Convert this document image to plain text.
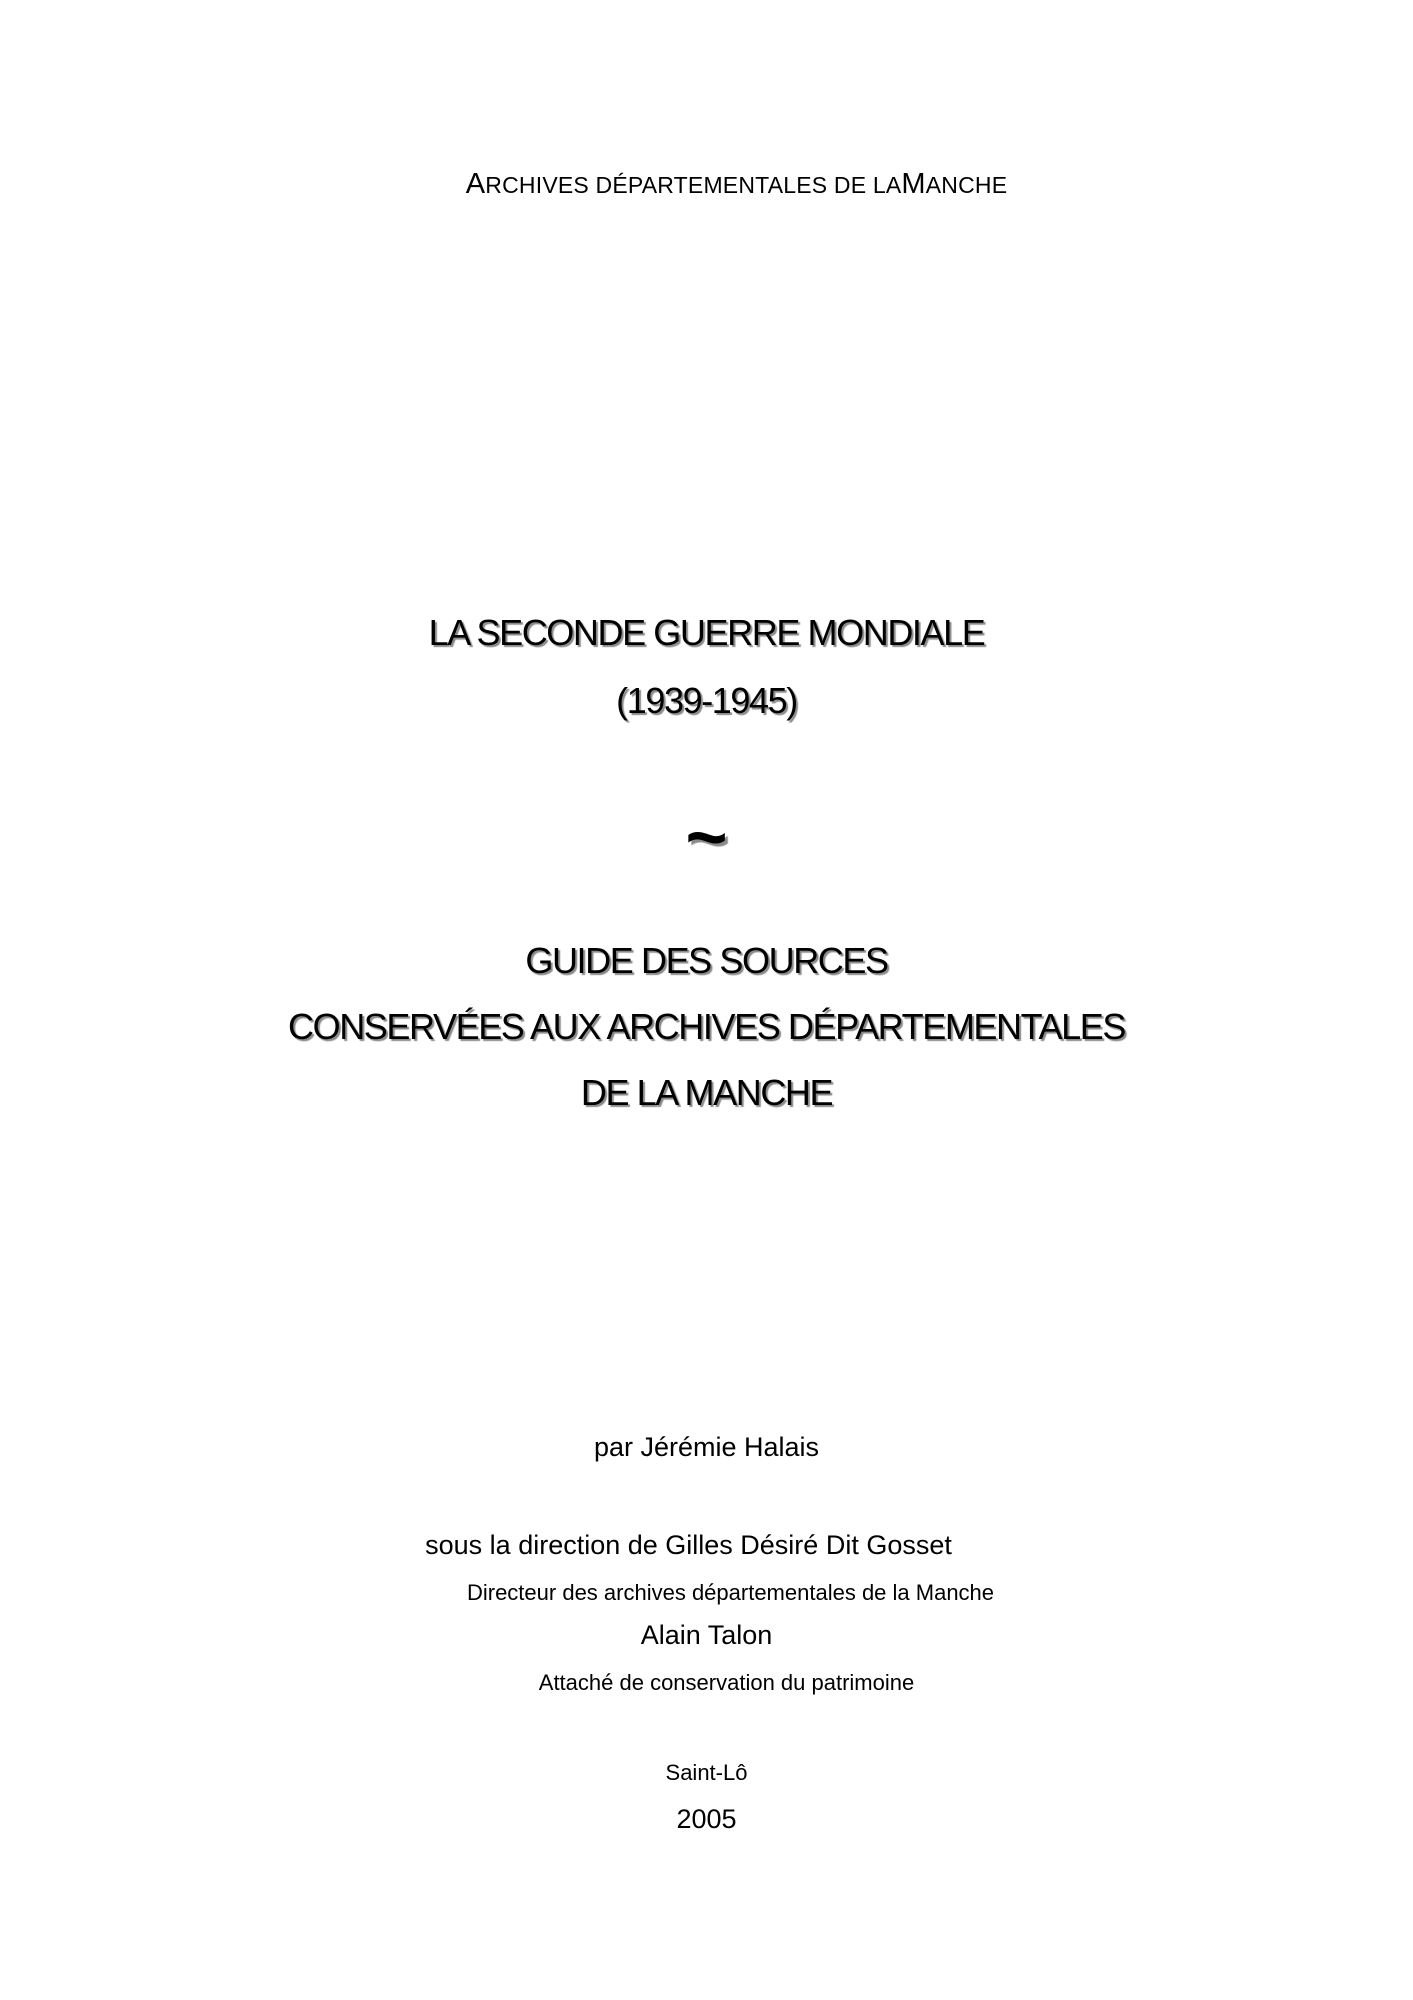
ARCHIVES DÉPARTEMENTALES DE LAMANCHE

LA SECONDE GUERRE MONDIALE

(1939-1945)

~

GUIDE DES SOURCES

CONSERVÉES AUX ARCHIVES DÉPARTEMENTALES

DE LA MANCHE

par Jérémie Halais

sous la direction de Gilles Désiré Dit Gosset

Directeur des archives départementales de la Manche

Alain Talon

Attaché de conservation du patrimoine

Saint-Lô

2005
